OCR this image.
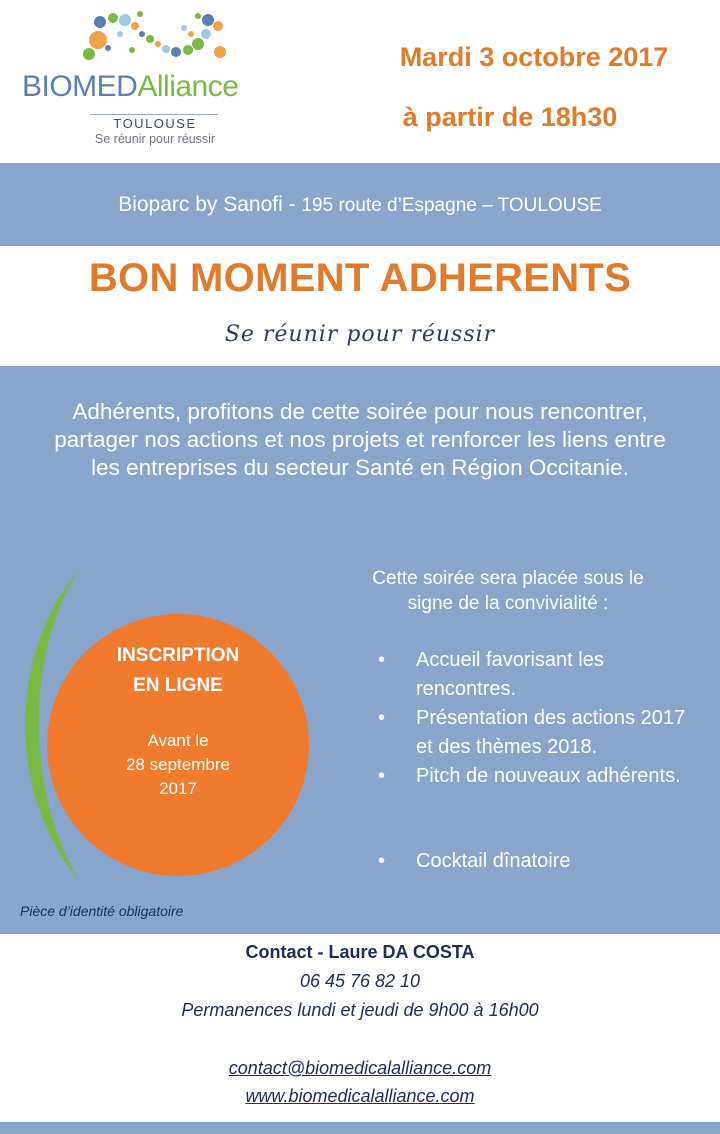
BIOMEDAlliance
TOULOUSE
Se réunir pour réussir
Mardi 3 octobre 2017
à partir de 18h30
Bioparc by Sanofi - 195 route d’Espagne – TOULOUSE
BON MOMENT ADHERENTS
Se réunir pour réussir
Adhérents, profitons de cette soirée pour nous rencontrer, partager nos actions et nos projets et renforcer les liens entre les entreprises du secteur Santé en Région Occitanie.
INSCRIPTION
EN LIGNE
Avant le
28 septembre
2017
Cette soirée sera placée sous le
signe de la convivialité :
• Accueil favorisant les rencontres.
• Présentation des actions 2017 et des thèmes 2018.
• Pitch de nouveaux adhérents.
• Cocktail dînatoire
Pièce d’identité obligatoire
Contact - Laure DA COSTA
06 45 76 82 10
Permanences lundi et jeudi de 9h00 à 16h00
contact@biomedicalalliance.com
www.biomedicalalliance.com
